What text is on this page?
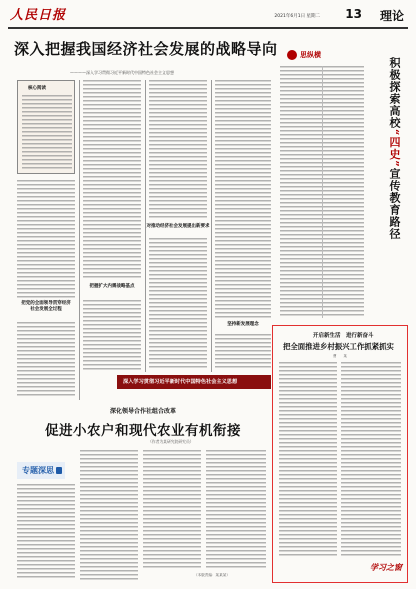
人民日报	2021年6月1日 星期二 13 理论
深入把握我国经济社会发展的战略导向
————深入学习贯彻习近平新时代中国特色社会主义思想
核心阅读
把党的全面领导贯穿经济社会发展全过程
把握扩大内需战略基点
对推动经济社会发展提出新要求
坚持新发展理念
思纵横
积极探索高校“四史”宣传教育路径
开启新生活　进行新奋斗
把全面推进乡村振兴工作抓紧抓实
曹　　某
学习之窗
深入学习贯彻习近平新时代中国特色社会主义思想
深化领导合作社组合改革
促进小农户和现代农业有机衔接
（作者为某研究院研究员）
专题深思
（本版责编：某某某）
